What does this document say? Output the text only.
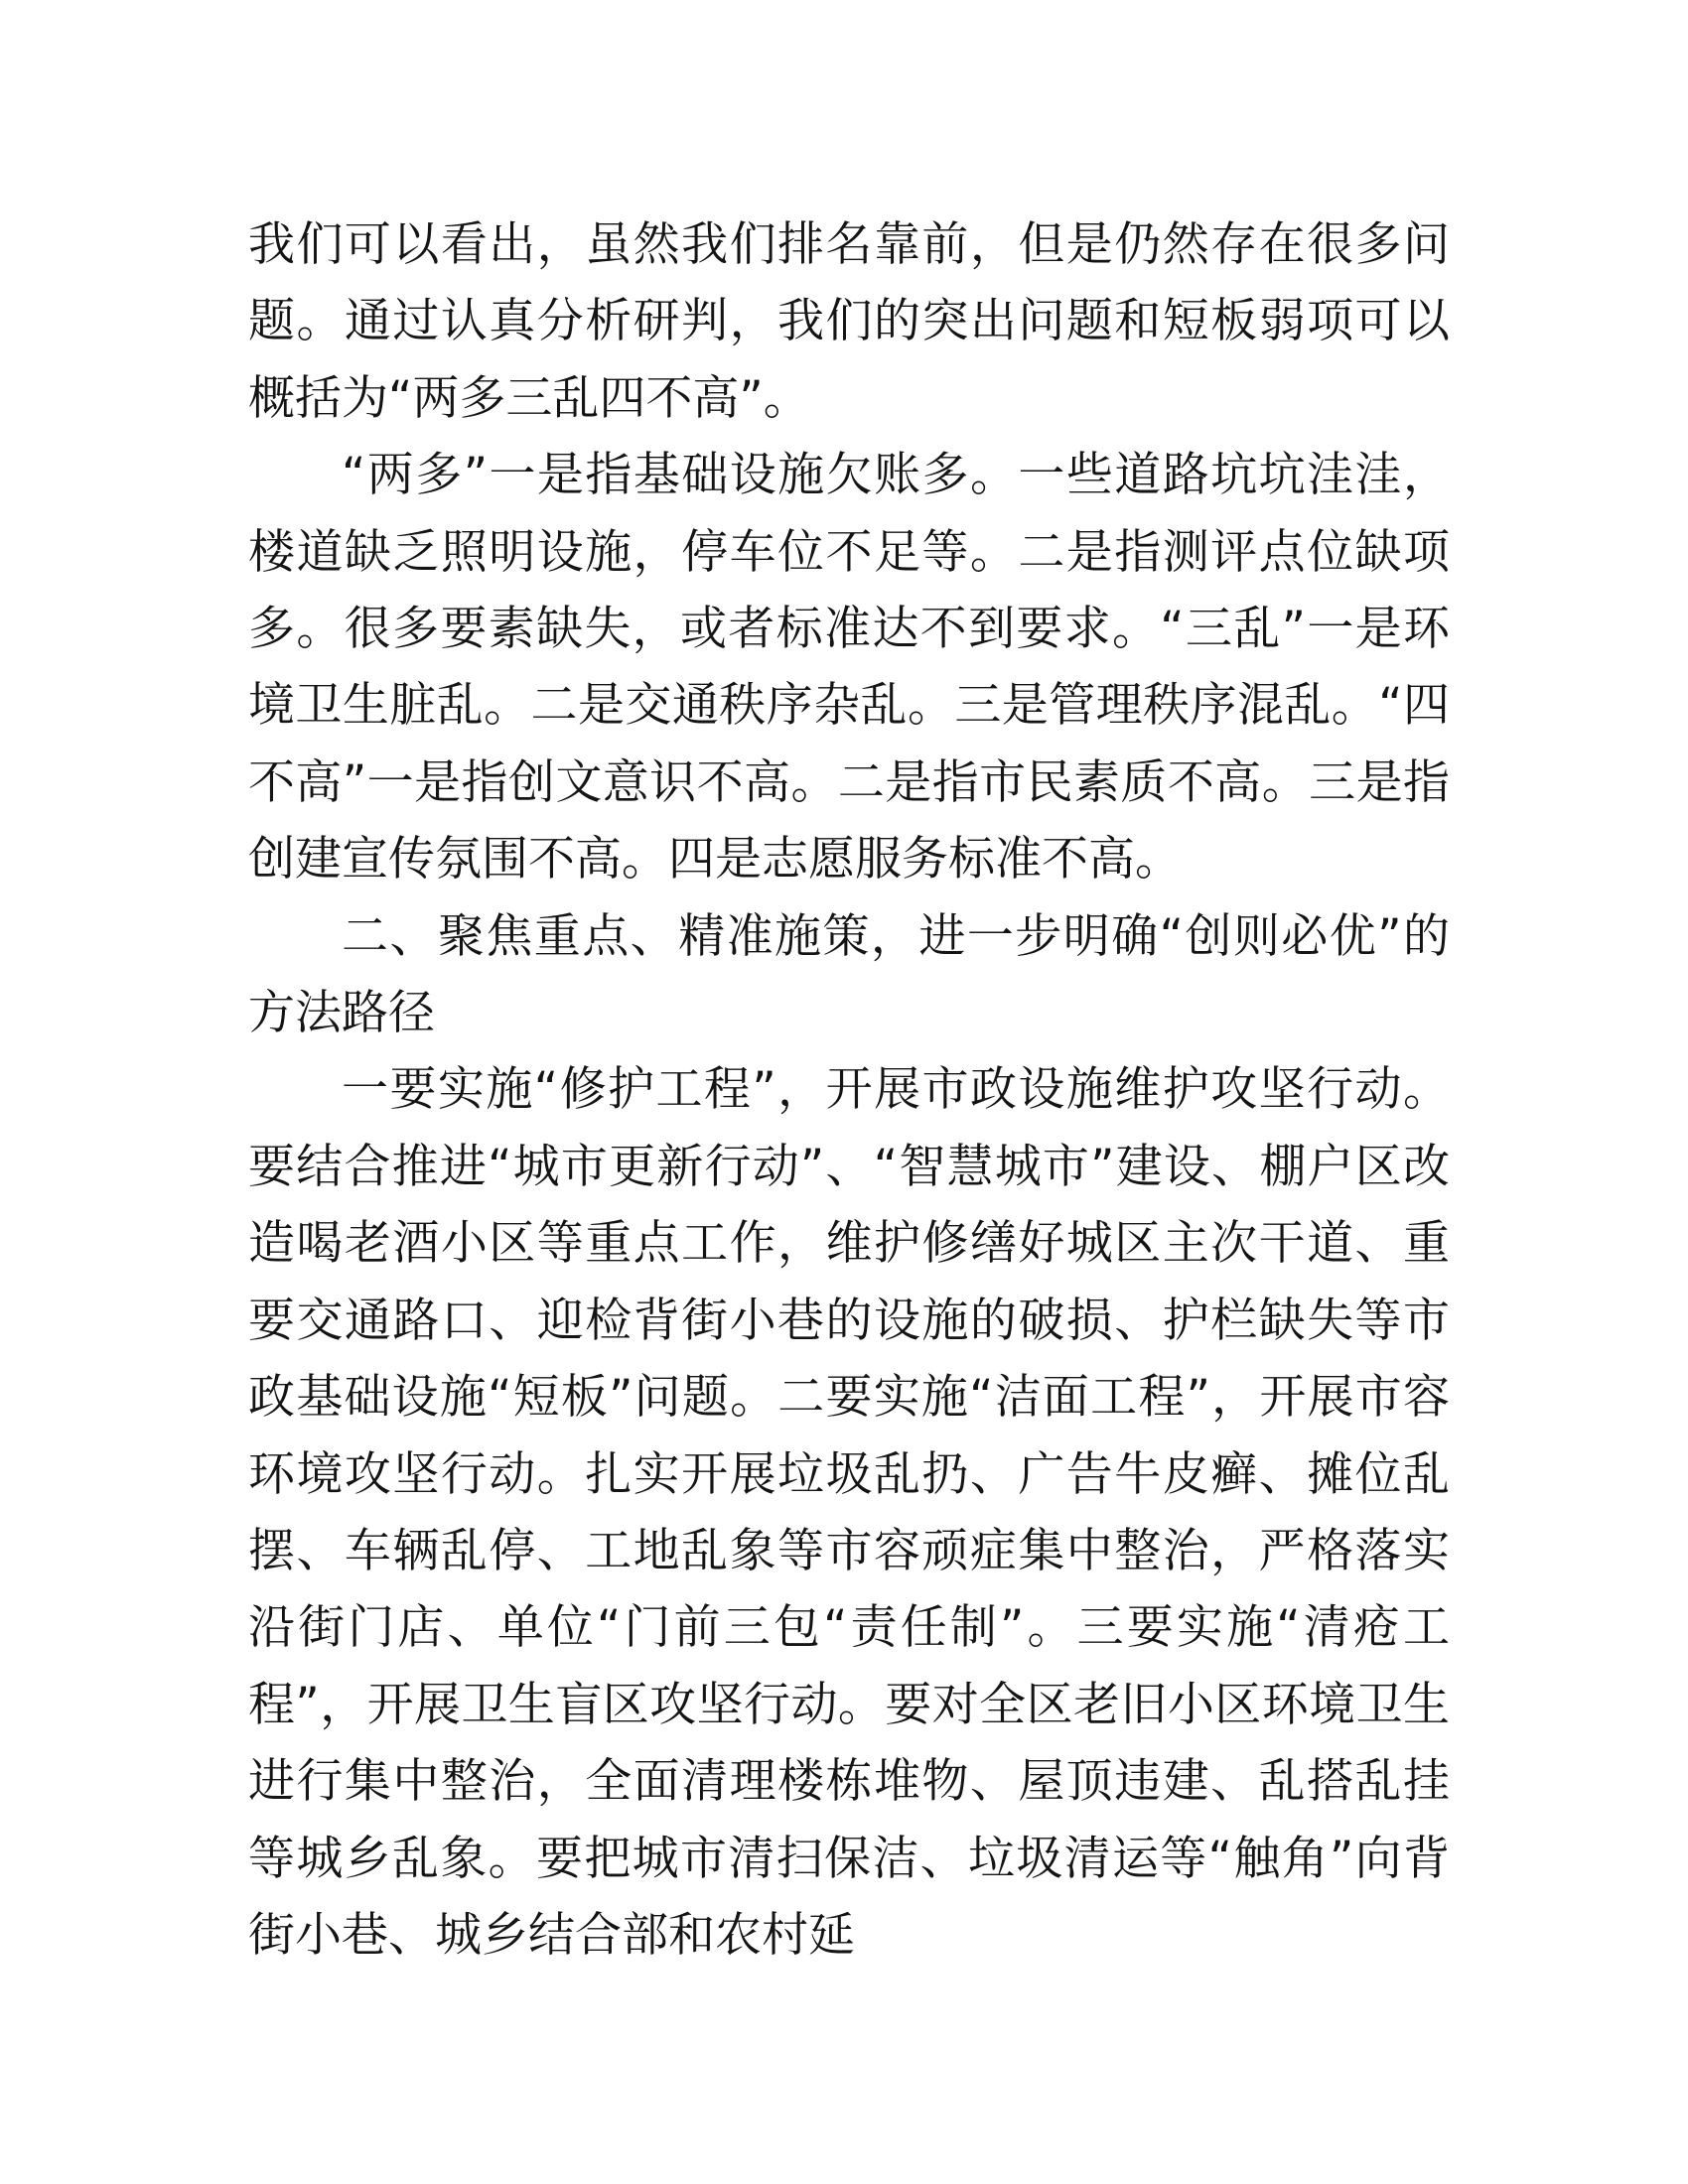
我们可以看出，虽然我们排名靠前，但是仍然存在很多问题。通过认真分析研判，我们的突出问题和短板弱项可以概括为“两多三乱四不高”。

“两多”一是指基础设施欠账多。一些道路坑坑洼洼，楼道缺乏照明设施，停车位不足等。二是指测评点位缺项多。很多要素缺失，或者标准达不到要求。“三乱”一是环境卫生脏乱。二是交通秩序杂乱。三是管理秩序混乱。“四不高”一是指创文意识不高。二是指市民素质不高。三是指创建宣传氛围不高。四是志愿服务标准不高。

二、聚焦重点、精准施策，进一步明确“创则必优”的方法路径

一要实施“修护工程”，开展市政设施维护攻坚行动。要结合推进“城市更新行动”、“智慧城市”建设、棚户区改造喝老酒小区等重点工作，维护修缮好城区主次干道、重要交通路口、迎检背街小巷的设施的破损、护栏缺失等市政基础设施“短板”问题。二要实施“洁面工程”，开展市容环境攻坚行动。扎实开展垃圾乱扔、广告牛皮癣、摊位乱摆、车辆乱停、工地乱象等市容顽症集中整治，严格落实沿街门店、单位“门前三包“责任制”。三要实施“清疮工程”，开展卫生盲区攻坚行动。要对全区老旧小区环境卫生进行集中整治，全面清理楼栋堆物、屋顶违建、乱搭乱挂等城乡乱象。要把城市清扫保洁、垃圾清运等“触角”向背街小巷、城乡结合部和农村延
